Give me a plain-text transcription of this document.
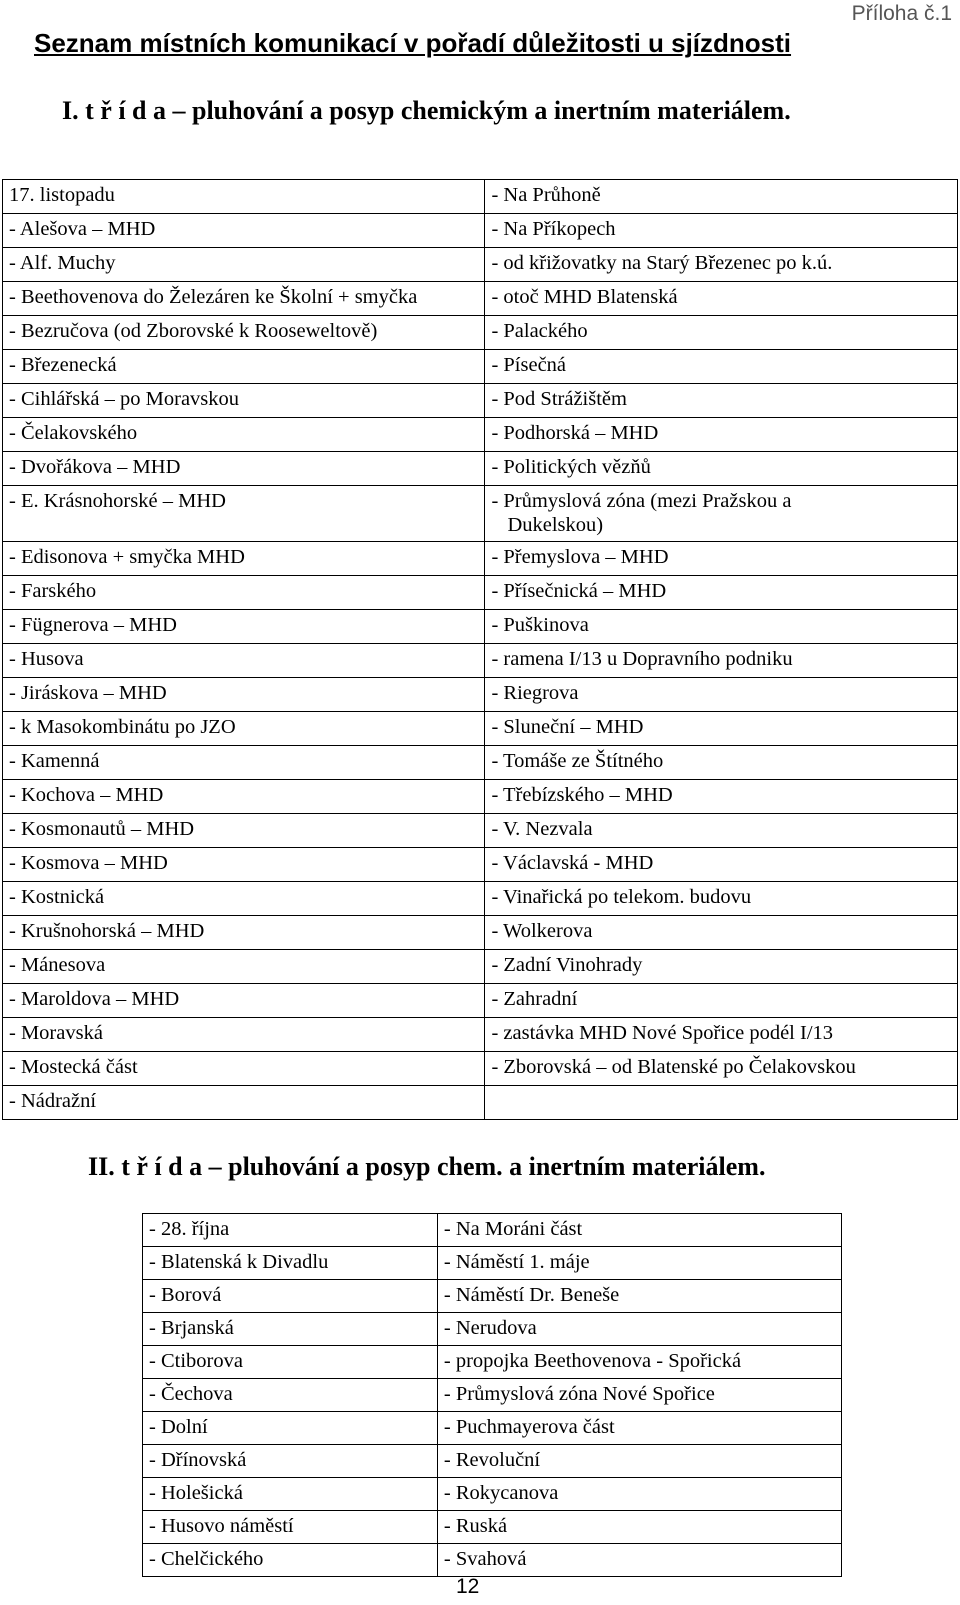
Příloha č.1
Seznam místních komunikací v pořadí důležitosti u sjízdnosti
I. t ř í d a – pluhování a posyp chemickým a inertním materiálem.
17. listopadu	- Na Průhoně
- Alešova – MHD	- Na Příkopech
- Alf. Muchy	- od křižovatky na Starý Březenec po k.ú.
- Beethovenova do Železáren ke Školní + smyčka	- otoč MHD Blatenská
- Bezručova (od Zborovské k Rooseweltově)	- Palackého
- Březenecká	- Písečná
- Cihlářská – po Moravskou	- Pod Strážištěm
- Čelakovského	- Podhorská – MHD
- Dvořákova – MHD	- Politických vězňů
- E. Krásnohorské – MHD	- Průmyslová zóna (mezi Pražskou a
Dukelskou)

- Edisonova + smyčka MHD	- Přemyslova – MHD
- Farského	- Přísečnická – MHD
- Fügnerova – MHD	- Puškinova
- Husova	- ramena I/13 u Dopravního podniku
- Jiráskova – MHD	- Riegrova
- k Masokombinátu po JZO	- Sluneční – MHD
- Kamenná	- Tomáše ze Štítného
- Kochova – MHD	- Třebízského – MHD
- Kosmonautů – MHD	- V. Nezvala
- Kosmova – MHD	- Václavská - MHD
- Kostnická	- Vinařická po telekom. budovu
- Krušnohorská – MHD	- Wolkerova
- Mánesova	- Zadní Vinohrady
- Maroldova – MHD	- Zahradní
- Moravská	- zastávka MHD Nové Spořice podél I/13
- Mostecká část	- Zborovská – od Blatenské po Čelakovskou
- Nádražní	
II. t ř í d a – pluhování a posyp chem. a inertním materiálem.
- 28. října	- Na Moráni část
- Blatenská k Divadlu	- Náměstí 1. máje
- Borová	- Náměstí Dr. Beneše
- Brjanská	- Nerudova
- Ctiborova	- propojka Beethovenova - Spořická
- Čechova	- Průmyslová zóna Nové Spořice
- Dolní	- Puchmayerova část
- Dřínovská	- Revoluční
- Holešická	- Rokycanova
- Husovo náměstí	- Ruská
- Chelčického	- Svahová
12
